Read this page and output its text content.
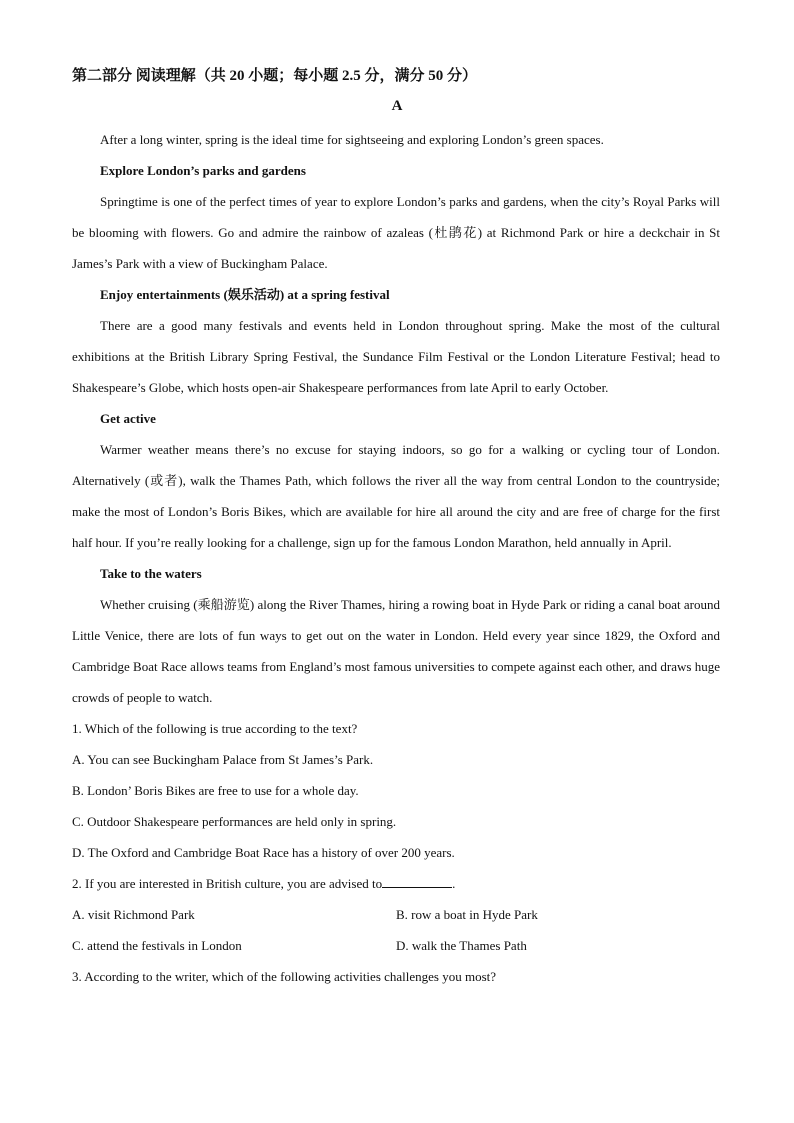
第二部分 阅读理解（共 20 小题；每小题 2.5 分，满分 50 分）
A

After a long winter, spring is the ideal time for sightseeing and exploring London’s green spaces.

Explore London’s parks and gardens

Springtime is one of the perfect times of year to explore London’s parks and gardens, when the city’s Royal Parks will be blooming with flowers. Go and admire the rainbow of azaleas (杜鹃花) at Richmond Park or hire a deckchair in St James’s Park with a view of Buckingham Palace.

Enjoy entertainments (娱乐活动) at a spring festival

There are a good many festivals and events held in London throughout spring. Make the most of the cultural exhibitions at the British Library Spring Festival, the Sundance Film Festival or the London Literature Festival; head to Shakespeare’s Globe, which hosts open-air Shakespeare performances from late April to early October.

Get active

Warmer weather means there’s no excuse for staying indoors, so go for a walking or cycling tour of London. Alternatively (或者), walk the Thames Path, which follows the river all the way from central London to the countryside; make the most of London’s Boris Bikes, which are available for hire all around the city and are free of charge for the first half hour. If you’re really looking for a challenge, sign up for the famous London Marathon, held annually in April.

Take to the waters

Whether cruising (乘船游览) along the River Thames, hiring a rowing boat in Hyde Park or riding a canal boat around Little Venice, there are lots of fun ways to get out on the water in London. Held every year since 1829, the Oxford and Cambridge Boat Race allows teams from England’s most famous universities to compete against each other, and draws huge crowds of people to watch.

1. Which of the following is true according to the text?

A. You can see Buckingham Palace from St James’s Park.

B. London’ Boris Bikes are free to use for a whole day.

C. Outdoor Shakespeare performances are held only in spring.

D. The Oxford and Cambridge Boat Race has a history of over 200 years.

2. If you are interested in British culture, you are advised to	.

A. visit Richmond Park	B. row a boat in Hyde Park
C. attend the festivals in London	D. walk the Thames Path

3. According to the writer, which of the following activities challenges you most?
